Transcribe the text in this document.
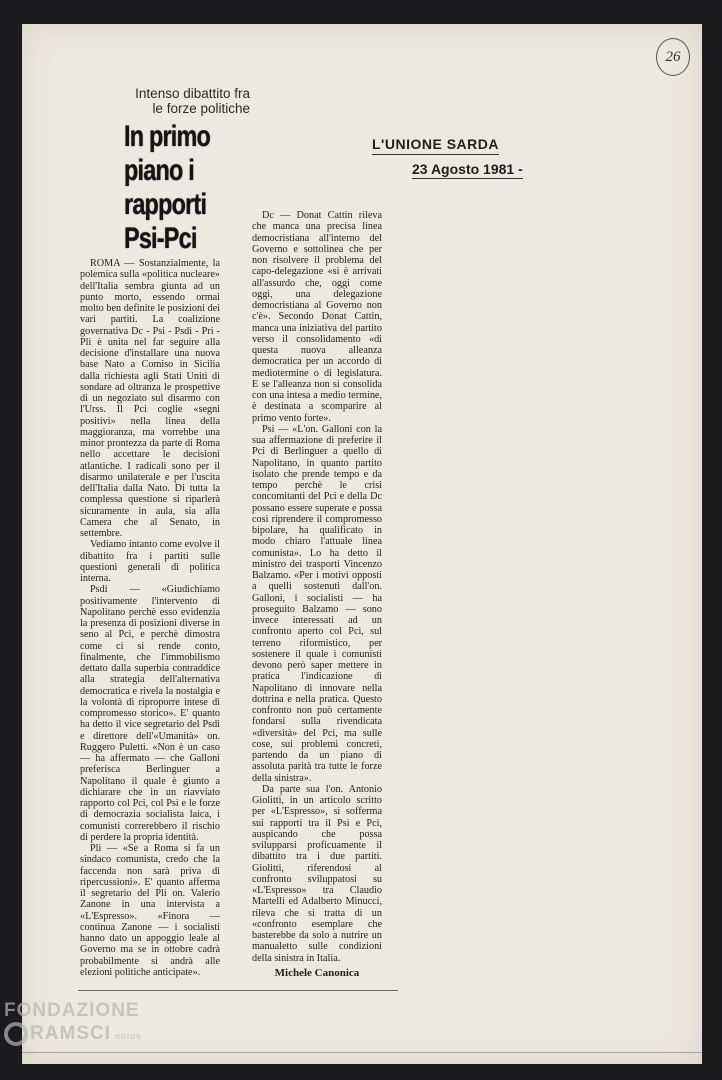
26
L'UNIONE SARDA
23 Agosto 1981 -
Intenso dibattito fra le forze politiche
In primo piano i rapporti Psi-Pci

ROMA — Sostanzialmente, la polemica sulla «politica nucleare» dell'Italia sembra giunta ad un punto morto, essendo ormai molto ben definite le posizioni dei vari partiti. La coalizione governativa Dc - Psi - Psdi - Pri - Pli è unita nel far seguire alla decisione d'installare una nuova base Nato a Comiso in Sicilia dalla richiesta agli Stati Uniti di sondare ad oltranza le prospettive di un negoziato sul disarmo con l'Urss. Il Pci coglie «segni positivi» nella linea della maggioranza, ma vorrebbe una minor prontezza da parte di Roma nello accettare le decisioni atlantiche. I radicali sono per il disarmo unilaterale e per l'uscita dell'Italia dalla Nato. Di tutta la complessa questione si riparlerà sicuramente in aula, sia alla Camera che al Senato, in settembre.

Vediamo intanto come evolve il dibattito fra i partiti sulle questioni generali di politica interna.

Psdi — «Giudichiamo positivamente l'intervento di Napolitano perchè esso evidenzia la presenza di posizioni diverse in seno al Pci, e perchè dimostra come ci si rende conto, finalmente, che l'immobilismo dettato dalla superbia contraddice alla strategia dell'alternativa democratica e rivela la nostalgia e la volontà di riproporre intese di compromesso storico». E' quanto ha detto il vice segretario del Psdi e direttore dell'«Umanità» on. Ruggero Puletti. «Non è un caso — ha affermato — che Galloni preferisca Berlinguer a Napolitano il quale è giunto a dichiarare che in un riavviato rapporto col Pci, col Psi e le forze di democrazia socialista laica, i comunisti correrebbero il rischio di perdere la propria identità.

Pli — «Se a Roma si fa un sindaco comunista, credo che la faccenda non sarà priva di ripercussioni». E' quanto afferma il segretario del Pli on. Valerio Zanone in una intervista a «L'Espresso». «Finora — continua Zanone — i socialisti hanno dato un appoggio leale al Governo ma se in ottobre cadrà probabilmente si andrà alle elezioni politiche anticipate».

Dc — Donat Cattin rileva che manca una precisa linea democristiana all'interno del Governo e sottolinea che per non risolvere il problema del capo-delegazione «si è arrivati all'assurdo che, oggi come oggi, una delegazione democristiana al Governo non c'è». Secondo Donat Cattin, manca una iniziativa del partito verso il consolidamento «di questa nuova alleanza democratica per un accordo di mediotermine o di legislatura. E se l'alleanza non si consolida con una intesa a medio termine, è destinata a scomparire al primo vento forte».

Psi — «L'on. Galloni con la sua affermazione di preferire il Pci di Berlinguer a quello di Napolitano, in quanto partito isolato che prende tempo e da tempo perchè le crisi concomitanti del Pci e della Dc possano essere superate e possa così riprendere il compromesso bipolare, ha qualificato in modo chiaro l'attuale linea comunista». Lo ha detto il ministro dei trasporti Vincenzo Balzamo. «Per i motivi opposti a quelli sostenuti dall'on. Galloni, i socialisti — ha proseguito Balzamo — sono invece interessati ad un confronto aperto col Pci, sul terreno riformistico, per sostenere il quale i comunisti devono però saper mettere in pratica l'indicazione di Napolitano di innovare nella dottrina e nella pratica. Questo confronto non può certamente fondarsi sulla rivendicata «diversità» del Pci, ma sulle cose, sui problemi concreti, partendo da un piano di assoluta parità tra tutte le forze della sinistra».

Da parte sua l'on. Antonio Giolitti, in un articolo scritto per «L'Espresso», si sofferma sui rapporti tra il Psi e Pci, auspicando che possa svilupparsi proficuamente il dibattito tra i due partiti. Giolitti, riferendosi al confronto sviluppatosi su «L'Espresso» tra Claudio Martelli ed Adalberto Minucci, rileva che si tratta di un «confronto esemplare che basterebbe da solo a nutrire un manualetto sulle condizioni della sinistra in Italia.

Michele Canonica
FONDAZIONE
RAMSCI onlus
